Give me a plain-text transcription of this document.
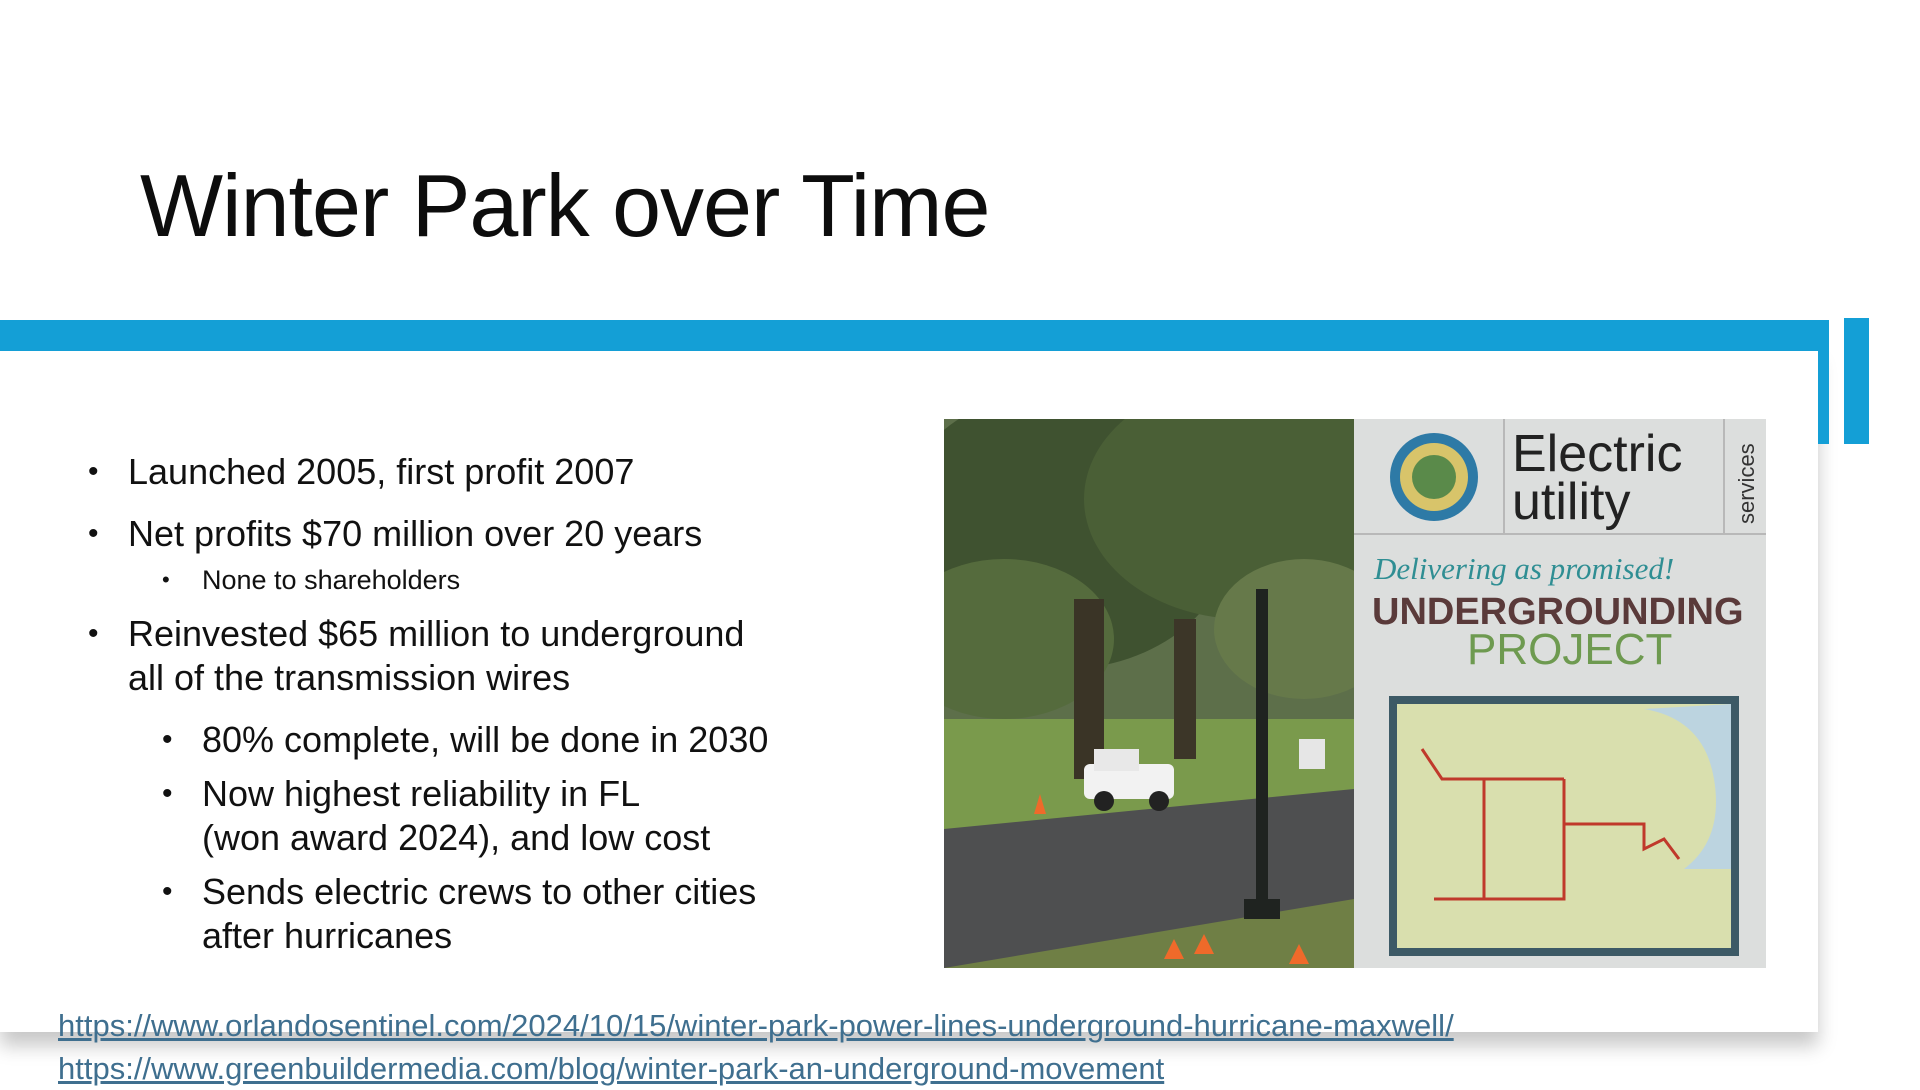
Winter Park over Time
• Launched 2005, first profit 2007
• Net profits $70 million over 20 years
• None to shareholders
• Reinvested $65 million to underground
all of the transmission wires
• 80% complete, will be done in 2030
• Now highest reliability in FL
(won award 2024), and low cost
• Sends electric crews to other cities
after hurricanes
Electric
utility	services
Delivering as promised!
UNDERGROUNDING
PROJECT
https://www.orlandosentinel.com/2024/10/15/winter-park-power-lines-underground-hurricane-maxwell/
https://www.greenbuildermedia.com/blog/winter-park-an-underground-movement
